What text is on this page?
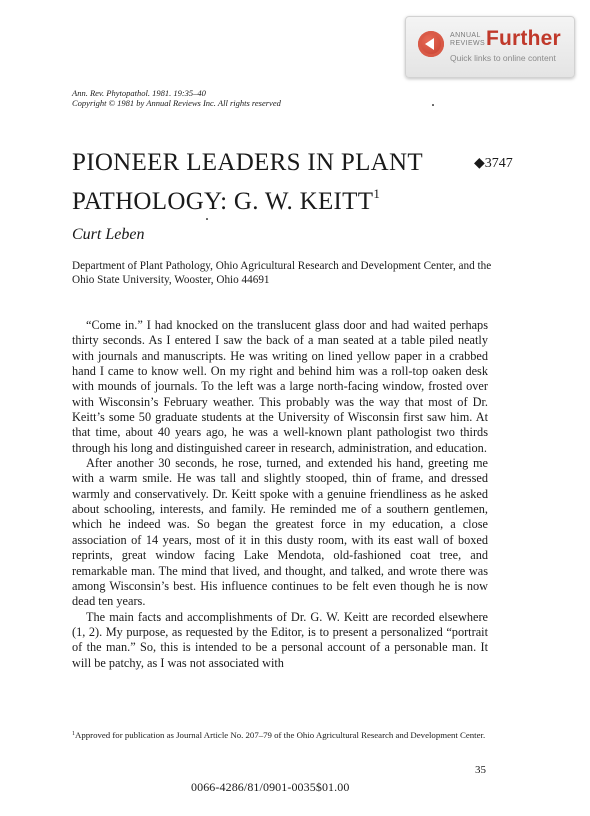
ANNUAL
REVIEWS Further
Quick links to online content
Ann. Rev. Phytopathol. 1981. 19:35–40
Copyright © 1981 by Annual Reviews Inc. All rights reserved
PIONEER LEADERS IN PLANT
PATHOLOGY: G. W. KEITT$^1$
◆3747
Curt Leben
Department of Plant Pathology, Ohio Agricultural Research and Development Center, and the Ohio State University, Wooster, Ohio 44691

“Come in.” I had knocked on the translucent glass door and had waited perhaps thirty seconds. As I entered I saw the back of a man seated at a table piled neatly with journals and manuscripts. He was writing on lined yellow paper in a crabbed hand I came to know well. On my right and behind him was a roll-top oaken desk with mounds of journals. To the left was a large north-facing window, frosted over with Wisconsin’s February weather. This probably was the way that most of Dr. Keitt’s some 50 graduate students at the University of Wisconsin first saw him. At that time, about 40 years ago, he was a well-known plant pathologist two thirds through his long and distinguished career in research, administration, and education.

After another 30 seconds, he rose, turned, and extended his hand, greeting me with a warm smile. He was tall and slightly stooped, thin of frame, and dressed warmly and conservatively. Dr. Keitt spoke with a genuine friendliness as he asked about schooling, interests, and family. He reminded me of a southern gentlemen, which he indeed was. So began the greatest force in my education, a close association of 14 years, most of it in this dusty room, with its east wall of boxed reprints, great window facing Lake Mendota, old-fashioned coat tree, and remarkable man. The mind that lived, and thought, and talked, and wrote there was among Wisconsin’s best. His influence continues to be felt even though he is now dead ten years.

The main facts and accomplishments of Dr. G. W. Keitt are recorded elsewhere (1, 2). My purpose, as requested by the Editor, is to present a personalized “portrait of the man.” So, this is intended to be a personal account of a personable man. It will be patchy, as I was not associated with

$^1$Approved for publication as Journal Article No. 207–79 of the Ohio Agricultural Research and Development Center.
35
0066-4286/81/0901-0035$01.00
